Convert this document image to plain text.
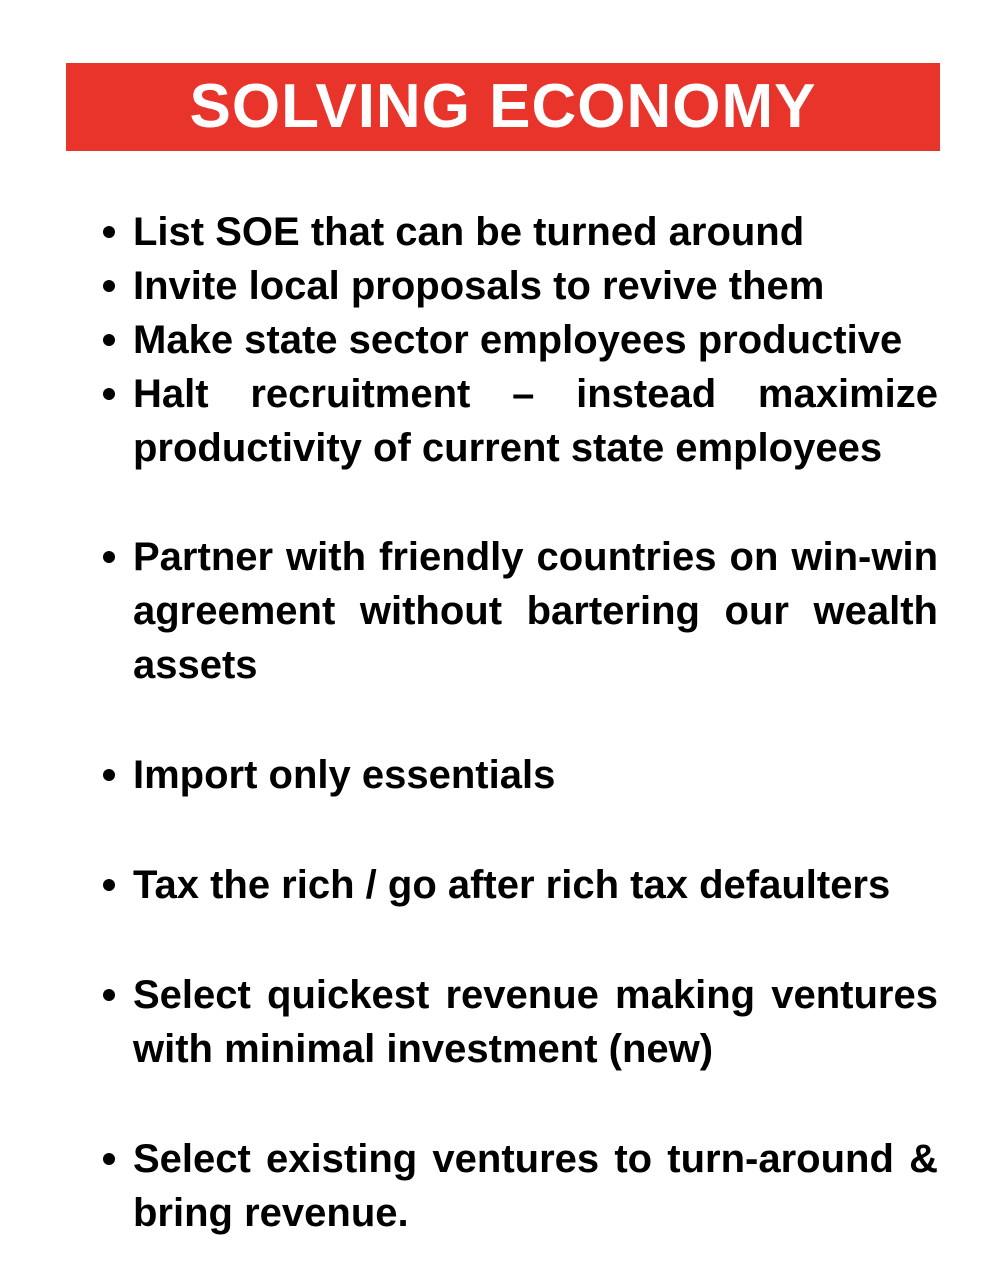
SOLVING ECONOMY
List SOE that can be turned around
Invite local proposals to revive them
Make state sector employees productive
Halt recruitment – instead maximize productivity of current state employees
Partner with friendly countries on win-win agreement without bartering our wealth assets
Import only essentials
Tax the rich / go after rich tax defaulters
Select quickest revenue making ventures with minimal investment (new)
Select existing ventures to turn-around & bring revenue.
